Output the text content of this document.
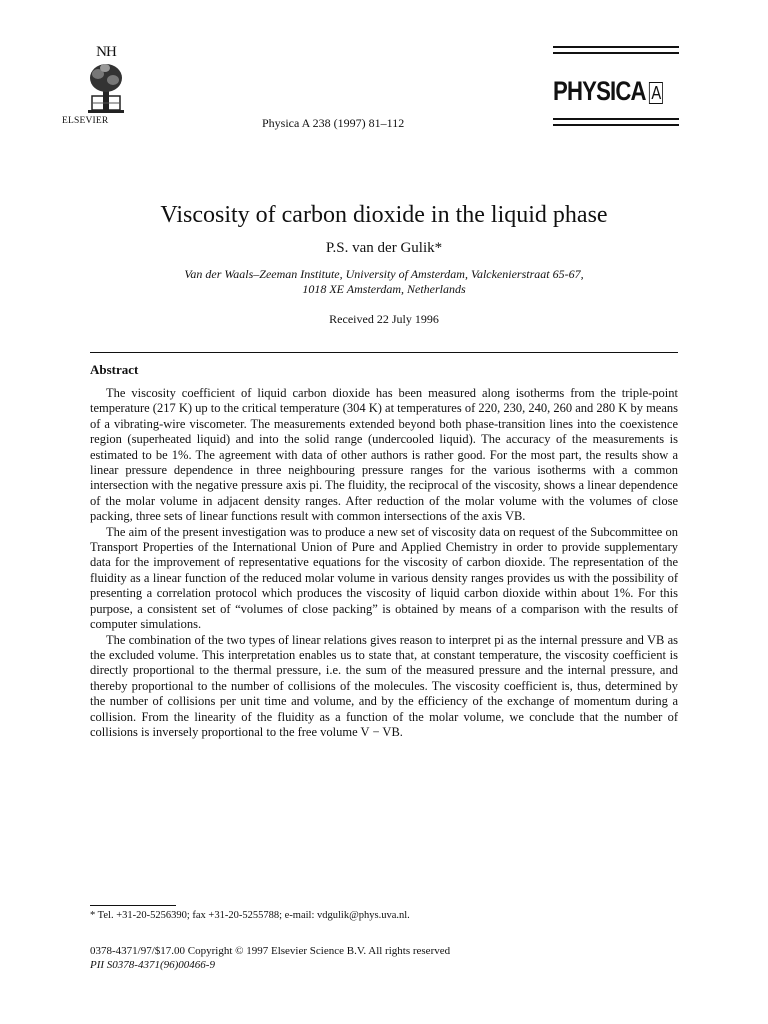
NH
ELSEVIER	Physica A 238 (1997) 81–112
PHYSICA A
Viscosity of carbon dioxide in the liquid phase
P.S. van der Gulik*
Van der Waals–Zeeman Institute, University of Amsterdam, Valckenierstraat 65-67,
1018 XE Amsterdam, Netherlands
Received 22 July 1996
Abstract

The viscosity coefficient of liquid carbon dioxide has been measured along isotherms from the triple-point temperature (217 K) up to the critical temperature (304 K) at temperatures of 220, 230, 240, 260 and 280 K by means of a vibrating-wire viscometer. The measurements extended beyond both phase-transition lines into the coexistence region (superheated liquid) and into the solid range (undercooled liquid). The accuracy of the measurements is estimated to be 1%. The agreement with data of other authors is rather good. For the most part, the results show a linear pressure dependence in three neighbouring pressure ranges for the various isotherms with a common intersection with the negative pressure axis pi. The fluidity, the reciprocal of the viscosity, shows a linear dependence of the molar volume in adjacent density ranges. After reduction of the molar volume with the volumes of close packing, three sets of linear functions result with common intersections of the axis VB.

The aim of the present investigation was to produce a new set of viscosity data on request of the Subcommittee on Transport Properties of the International Union of Pure and Applied Chemistry in order to provide supplementary data for the improvement of representative equations for the viscosity of carbon dioxide. The representation of the fluidity as a linear function of the reduced molar volume in various density ranges provides us with the possibility of presenting a correlation protocol which produces the viscosity of liquid carbon dioxide within about 1%. For this purpose, a consistent set of “volumes of close packing” is obtained by means of a comparison with the results of computer simulations.

The combination of the two types of linear relations gives reason to interpret pi as the internal pressure and VB as the excluded volume. This interpretation enables us to state that, at constant temperature, the viscosity coefficient is directly proportional to the thermal pressure, i.e. the sum of the measured pressure and the internal pressure, and thereby proportional to the number of collisions of the molecules. The viscosity coefficient is, thus, determined by the number of collisions per unit time and volume, and by the efficiency of the exchange of momentum during a collision. From the linearity of the fluidity as a function of the molar volume, we conclude that the number of collisions is inversely proportional to the free volume V − VB.

* Tel. +31-20-5256390; fax +31-20-5255788; e-mail: vdgulik@phys.uva.nl.
0378-4371/97/$17.00 Copyright © 1997 Elsevier Science B.V. All rights reserved
PII S0378-4371(96)00466-9
